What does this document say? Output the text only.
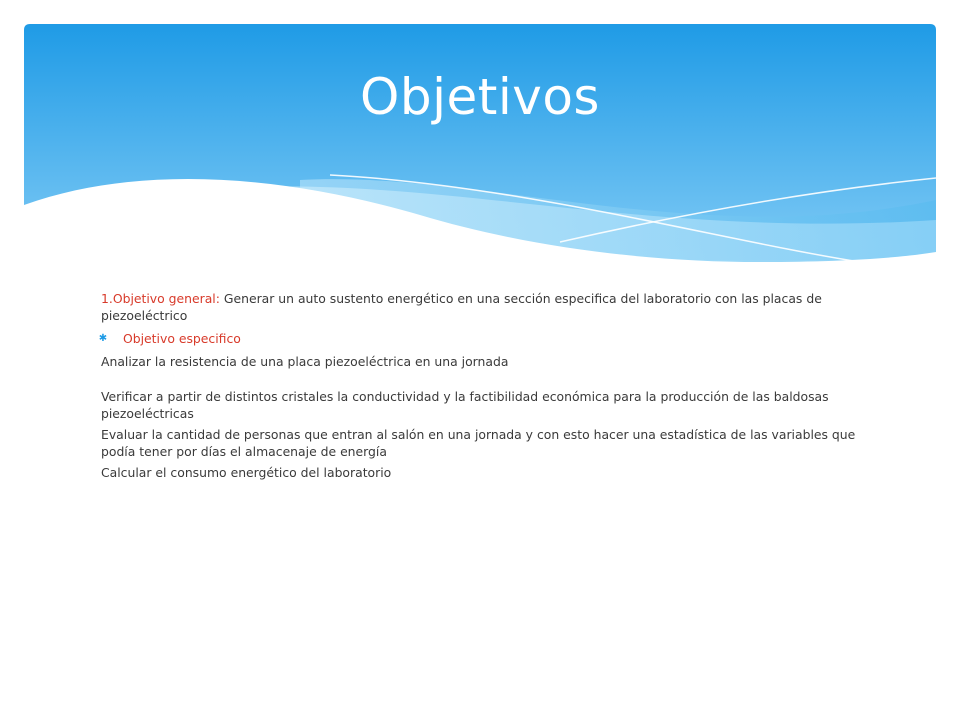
Objetivos

1.Objetivo general: Generar un auto sustento energético en una sección especifica del laboratorio con las placas de piezoeléctrico

✱ Objetivo especifico

Analizar la resistencia de una placa piezoeléctrica en una jornada

Verificar a partir de distintos cristales la conductividad y la factibilidad económica para la producción de las baldosas piezoeléctricas

Evaluar la cantidad de personas que entran al salón en una jornada y con esto hacer una estadística de las variables que podía tener por días el almacenaje de energía

Calcular el consumo energético del laboratorio
